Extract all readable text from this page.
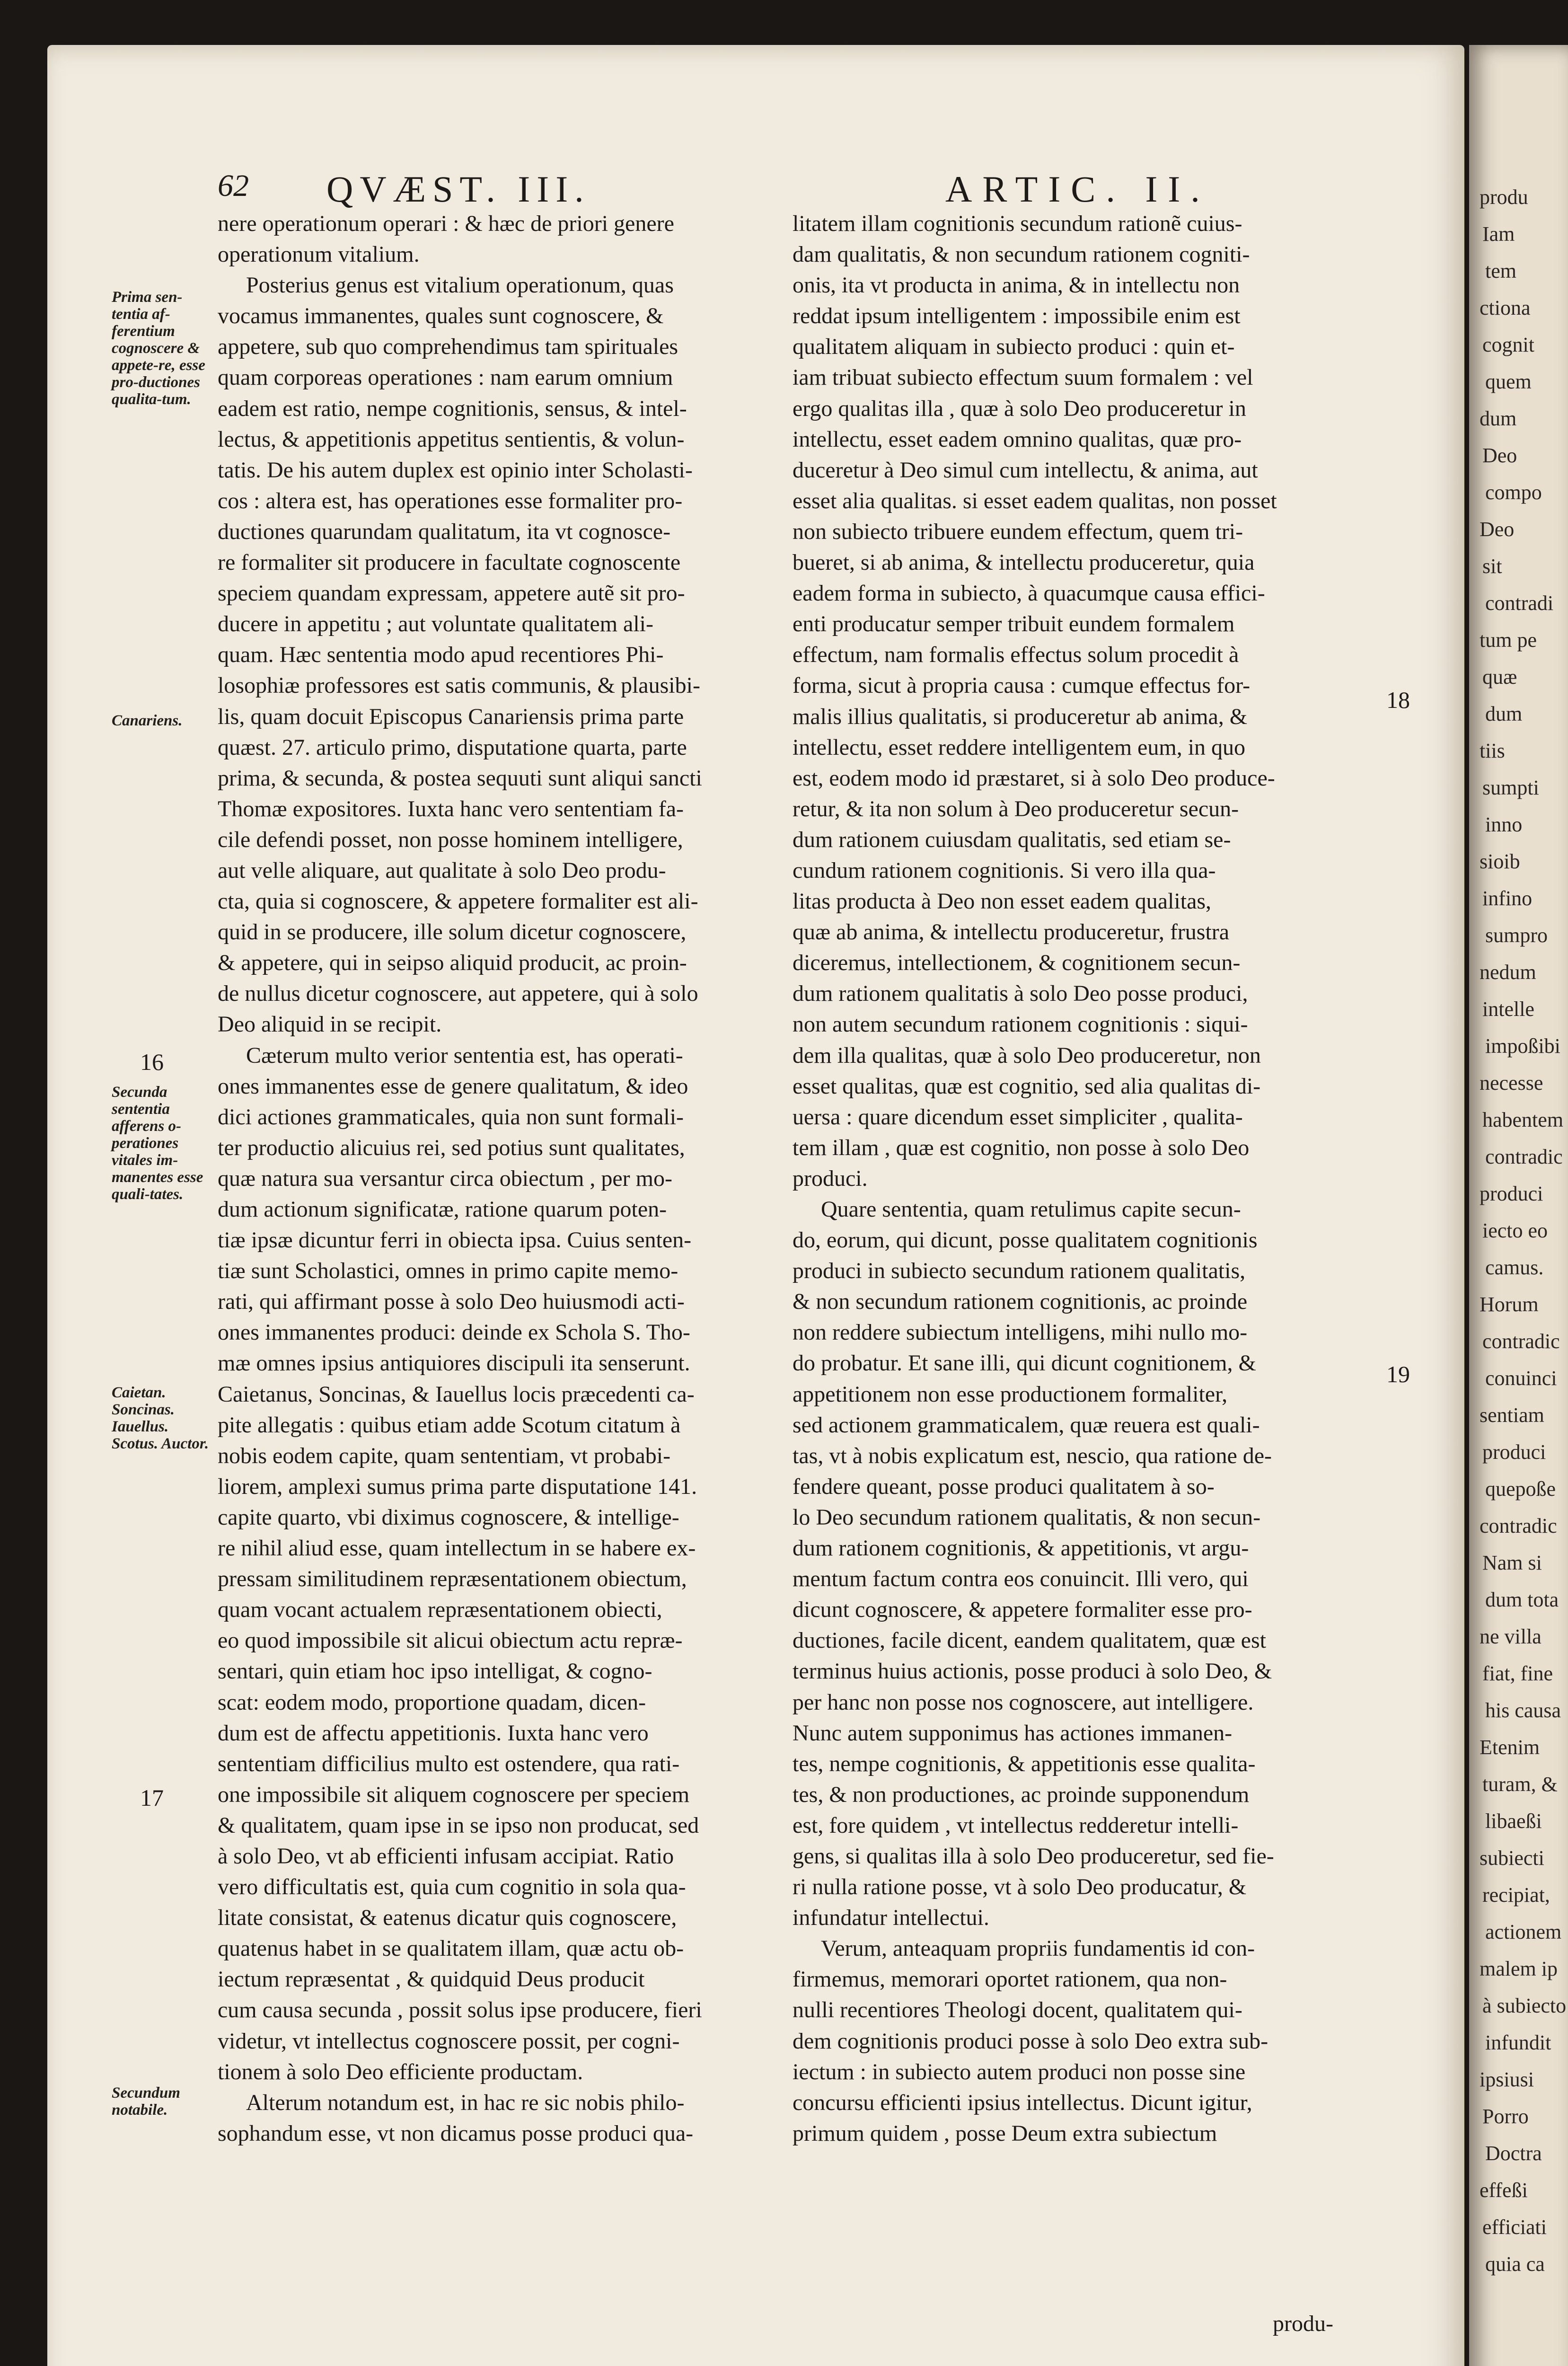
produ
Iam
tem
ctiona
cognit
quem
dum
Deo
compo
Deo
sit
contradi
tum pe
quæ
dum
tiis
sumpti
inno
sioib
infino
sumpro
nedum
intelle
impoßibi
necesse
habentem
contradic
produci
iecto eo
camus.
Horum
contradic
conuinci
sentiam
produci
quepoße
contradic
Nam si
dum tota
ne villa
fiat, fine
his causa
Etenim
turam, &
libaeßi
subiecti
recipiat,
actionem
malem ip
à subiecto
infundit
ipsiusi
Porro
Doctra
effeßi
efficiati
quia ca
62 QVÆST. III.	ARTIC. II.
Prima sen-tentia af-ferentium cognoscere & appete-re, esse pro-ductiones qualita-tum.
Canariens.
Secunda sententia afferens o-perationes vitales im-manentes esse quali-tates.
Caietan. Soncinas. Iauellus. Scotus. Auctor.
Secundum notabile.
16
17
18
19
nere operationum operari : & hæc de priori genere
operationum vitalium.
Posterius genus est vitalium operationum, quas
vocamus immanentes, quales sunt cognoscere, &
appetere, sub quo comprehendimus tam spirituales
quam corporeas operationes : nam earum omnium
eadem est ratio, nempe cognitionis, sensus, & intel-
lectus, & appetitionis appetitus sentientis, & volun-
tatis. De his autem duplex est opinio inter Scholasti-
cos : altera est, has operationes esse formaliter pro-
ductiones quarundam qualitatum, ita vt cognosce-
re formaliter sit producere in facultate cognoscente
speciem quandam expressam, appetere autẽ sit pro-
ducere in appetitu ; aut voluntate qualitatem ali-
quam. Hæc sententia modo apud recentiores Phi-
losophiæ professores est satis communis, & plausibi-
lis, quam docuit Episcopus Canariensis prima parte
quæst. 27. articulo primo, disputatione quarta, parte
prima, & secunda, & postea sequuti sunt aliqui sancti
Thomæ expositores. Iuxta hanc vero sententiam fa-
cile defendi posset, non posse hominem intelligere,
aut velle aliquare, aut qualitate à solo Deo produ-
cta, quia si cognoscere, & appetere formaliter est ali-
quid in se producere, ille solum dicetur cognoscere,
& appetere, qui in seipso aliquid producit, ac proin-
de nullus dicetur cognoscere, aut appetere, qui à solo
Deo aliquid in se recipit.
Cæterum multo verior sententia est, has operati-
ones immanentes esse de genere qualitatum, & ideo
dici actiones grammaticales, quia non sunt formali-
ter productio alicuius rei, sed potius sunt qualitates,
quæ natura sua versantur circa obiectum , per mo-
dum actionum significatæ, ratione quarum poten-
tiæ ipsæ dicuntur ferri in obiecta ipsa. Cuius senten-
tiæ sunt Scholastici, omnes in primo capite memo-
rati, qui affirmant posse à solo Deo huiusmodi acti-
ones immanentes produci: deinde ex Schola S. Tho-
mæ omnes ipsius antiquiores discipuli ita senserunt.
Caietanus, Soncinas, & Iauellus locis præcedenti ca-
pite allegatis : quibus etiam adde Scotum citatum à
nobis eodem capite, quam sententiam, vt probabi-
liorem, amplexi sumus prima parte disputatione 141.
capite quarto, vbi diximus cognoscere, & intellige-
re nihil aliud esse, quam intellectum in se habere ex-
pressam similitudinem repræsentationem obiectum,
quam vocant actualem repræsentationem obiecti,
eo quod impossibile sit alicui obiectum actu repræ-
sentari, quin etiam hoc ipso intelligat, & cogno-
scat: eodem modo, proportione quadam, dicen-
dum est de affectu appetitionis. Iuxta hanc vero
sententiam difficilius multo est ostendere, qua rati-
one impossibile sit aliquem cognoscere per speciem
& qualitatem, quam ipse in se ipso non producat, sed
à solo Deo, vt ab efficienti infusam accipiat. Ratio
vero difficultatis est, quia cum cognitio in sola qua-
litate consistat, & eatenus dicatur quis cognoscere,
quatenus habet in se qualitatem illam, quæ actu ob-
iectum repræsentat , & quidquid Deus producit
cum causa secunda , possit solus ipse producere, fieri
videtur, vt intellectus cognoscere possit, per cogni-
tionem à solo Deo efficiente productam.
Alterum notandum est, in hac re sic nobis philo-
sophandum esse, vt non dicamus posse produci qua-
litatem illam cognitionis secundum rationẽ cuius-
dam qualitatis, & non secundum rationem cogniti-
onis, ita vt producta in anima, & in intellectu non
reddat ipsum intelligentem : impossibile enim est
qualitatem aliquam in subiecto produci : quin et-
iam tribuat subiecto effectum suum formalem : vel
ergo qualitas illa , quæ à solo Deo produceretur in
intellectu, esset eadem omnino qualitas, quæ pro-
duceretur à Deo simul cum intellectu, & anima, aut
esset alia qualitas. si esset eadem qualitas, non posset
non subiecto tribuere eundem effectum, quem tri-
bueret, si ab anima, & intellectu produceretur, quia
eadem forma in subiecto, à quacumque causa effici-
enti producatur semper tribuit eundem formalem
effectum, nam formalis effectus solum procedit à
forma, sicut à propria causa : cumque effectus for-
malis illius qualitatis, si produceretur ab anima, &
intellectu, esset reddere intelligentem eum, in quo
est, eodem modo id præstaret, si à solo Deo produce-
retur, & ita non solum à Deo produceretur secun-
dum rationem cuiusdam qualitatis, sed etiam se-
cundum rationem cognitionis. Si vero illa qua-
litas producta à Deo non esset eadem qualitas,
quæ ab anima, & intellectu produceretur, frustra
diceremus, intellectionem, & cognitionem secun-
dum rationem qualitatis à solo Deo posse produci,
non autem secundum rationem cognitionis : siqui-
dem illa qualitas, quæ à solo Deo produceretur, non
esset qualitas, quæ est cognitio, sed alia qualitas di-
uersa : quare dicendum esset simpliciter , qualita-
tem illam , quæ est cognitio, non posse à solo Deo
produci.
Quare sententia, quam retulimus capite secun-
do, eorum, qui dicunt, posse qualitatem cognitionis
produci in subiecto secundum rationem qualitatis,
& non secundum rationem cognitionis, ac proinde
non reddere subiectum intelligens, mihi nullo mo-
do probatur. Et sane illi, qui dicunt cognitionem, &
appetitionem non esse productionem formaliter,
sed actionem grammaticalem, quæ reuera est quali-
tas, vt à nobis explicatum est, nescio, qua ratione de-
fendere queant, posse produci qualitatem à so-
lo Deo secundum rationem qualitatis, & non secun-
dum rationem cognitionis, & appetitionis, vt argu-
mentum factum contra eos conuincit. Illi vero, qui
dicunt cognoscere, & appetere formaliter esse pro-
ductiones, facile dicent, eandem qualitatem, quæ est
terminus huius actionis, posse produci à solo Deo, &
per hanc non posse nos cognoscere, aut intelligere.
Nunc autem supponimus has actiones immanen-
tes, nempe cognitionis, & appetitionis esse qualita-
tes, & non productiones, ac proinde supponendum
est, fore quidem , vt intellectus redderetur intelli-
gens, si qualitas illa à solo Deo produceretur, sed fie-
ri nulla ratione posse, vt à solo Deo producatur, &
infundatur intellectui.
Verum, anteaquam propriis fundamentis id con-
firmemus, memorari oportet rationem, qua non-
nulli recentiores Theologi docent, qualitatem qui-
dem cognitionis produci posse à solo Deo extra sub-
iectum : in subiecto autem produci non posse sine
concursu efficienti ipsius intellectus. Dicunt igitur,
primum quidem , posse Deum extra subiectum
produ-
